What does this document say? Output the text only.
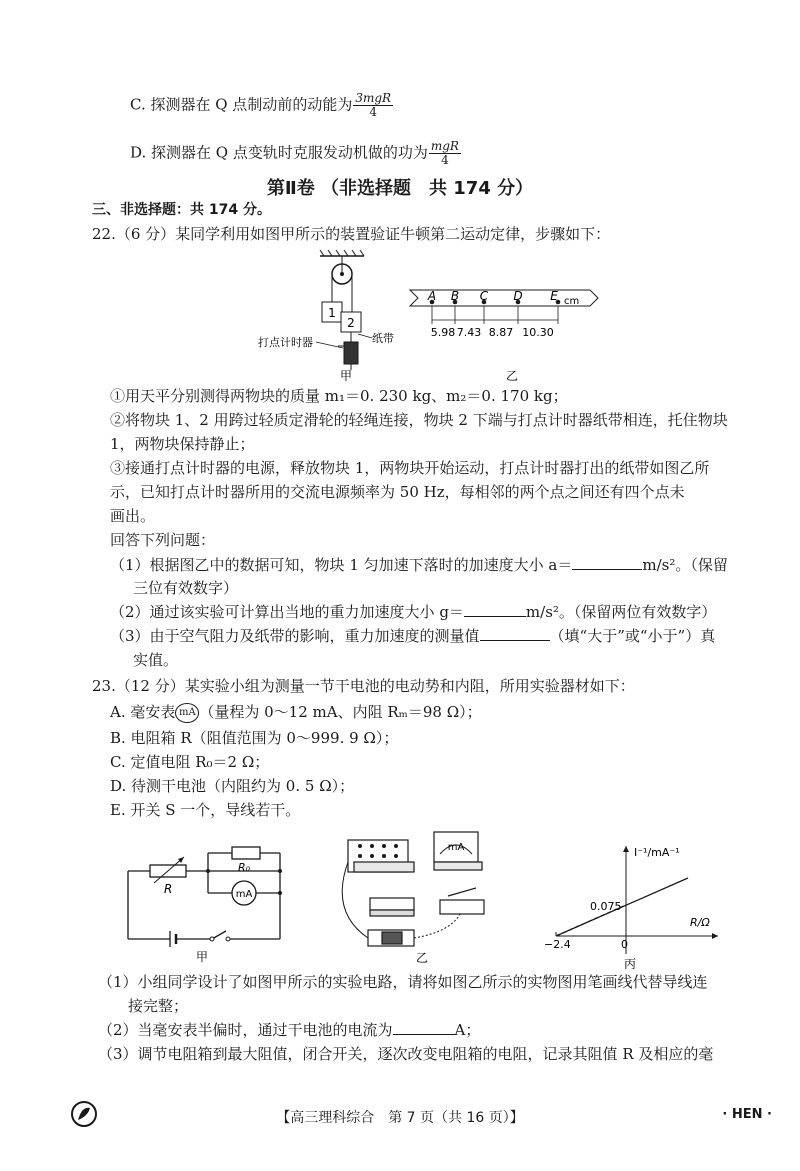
C. 探测器在 Q 点制动前的动能为 $\frac{\text{3mgR}}{4}$
D. 探测器在 Q 点变轨时克服发动机做的功为 $\frac{\text{mgR}}{4}$
第Ⅱ卷 （非选择题　共 174 分）
三、非选择题：共 174 分。
22.（6 分）某同学利用如图甲所示的装置验证牛顿第二运动定律，步骤如下：
1
2
打点计时器	纸带
甲
A B C D E cm
5.98 7.43 8.87 10.30
乙
①用天平分别测得两物块的质量 m₁＝0. 230 kg、m₂＝0. 170 kg；
②将物块 1、2 用跨过轻质定滑轮的轻绳连接，物块 2 下端与打点计时器纸带相连，托住物块
1，两物块保持静止；
③接通打点计时器的电源，释放物块 1，两物块开始运动，打点计时器打出的纸带如图乙所
示，已知打点计时器所用的交流电源频率为 50 Hz，每相邻的两个点之间还有四个点未
画出。
回答下列问题：
（1）根据图乙中的数据可知，物块 1 匀加速下落时的加速度大小 a＝	m/s²。（保留
三位有效数字）
（2）通过该实验可计算出当地的重力加速度大小 g＝	m/s²。（保留两位有效数字）
（3）由于空气阻力及纸带的影响，重力加速度的测量值	（填“大于”或“小于”）真
实值。
23.（12 分）某实验小组为测量一节干电池的电动势和内阻，所用实验器材如下：
A. 毫安表 mA （量程为 0～12 mA、内阻 Rₘ＝98 Ω）；
B. 电阻箱 R（阻值范围为 0～999. 9 Ω）；
C. 定值电阻 R₀＝2 Ω；
D. 待测干电池（内阻约为 0. 5 Ω）；
E. 开关 S 一个，导线若干。
R
R₀
mA
甲
mA
乙
I⁻¹/mA⁻¹
R/Ω
0.075
−2.4	0
丙
（1）小组同学设计了如图甲所示的实验电路，请将如图乙所示的实物图用笔画线代替导线连
接完整；
（2）当毫安表半偏时，通过干电池的电流为	A；
（3）调节电阻箱到最大阻值，闭合开关，逐次改变电阻箱的电阻，记录其阻值 R 及相应的毫
【高三理科综合　第 7 页（共 16 页）】	· HEN ·
